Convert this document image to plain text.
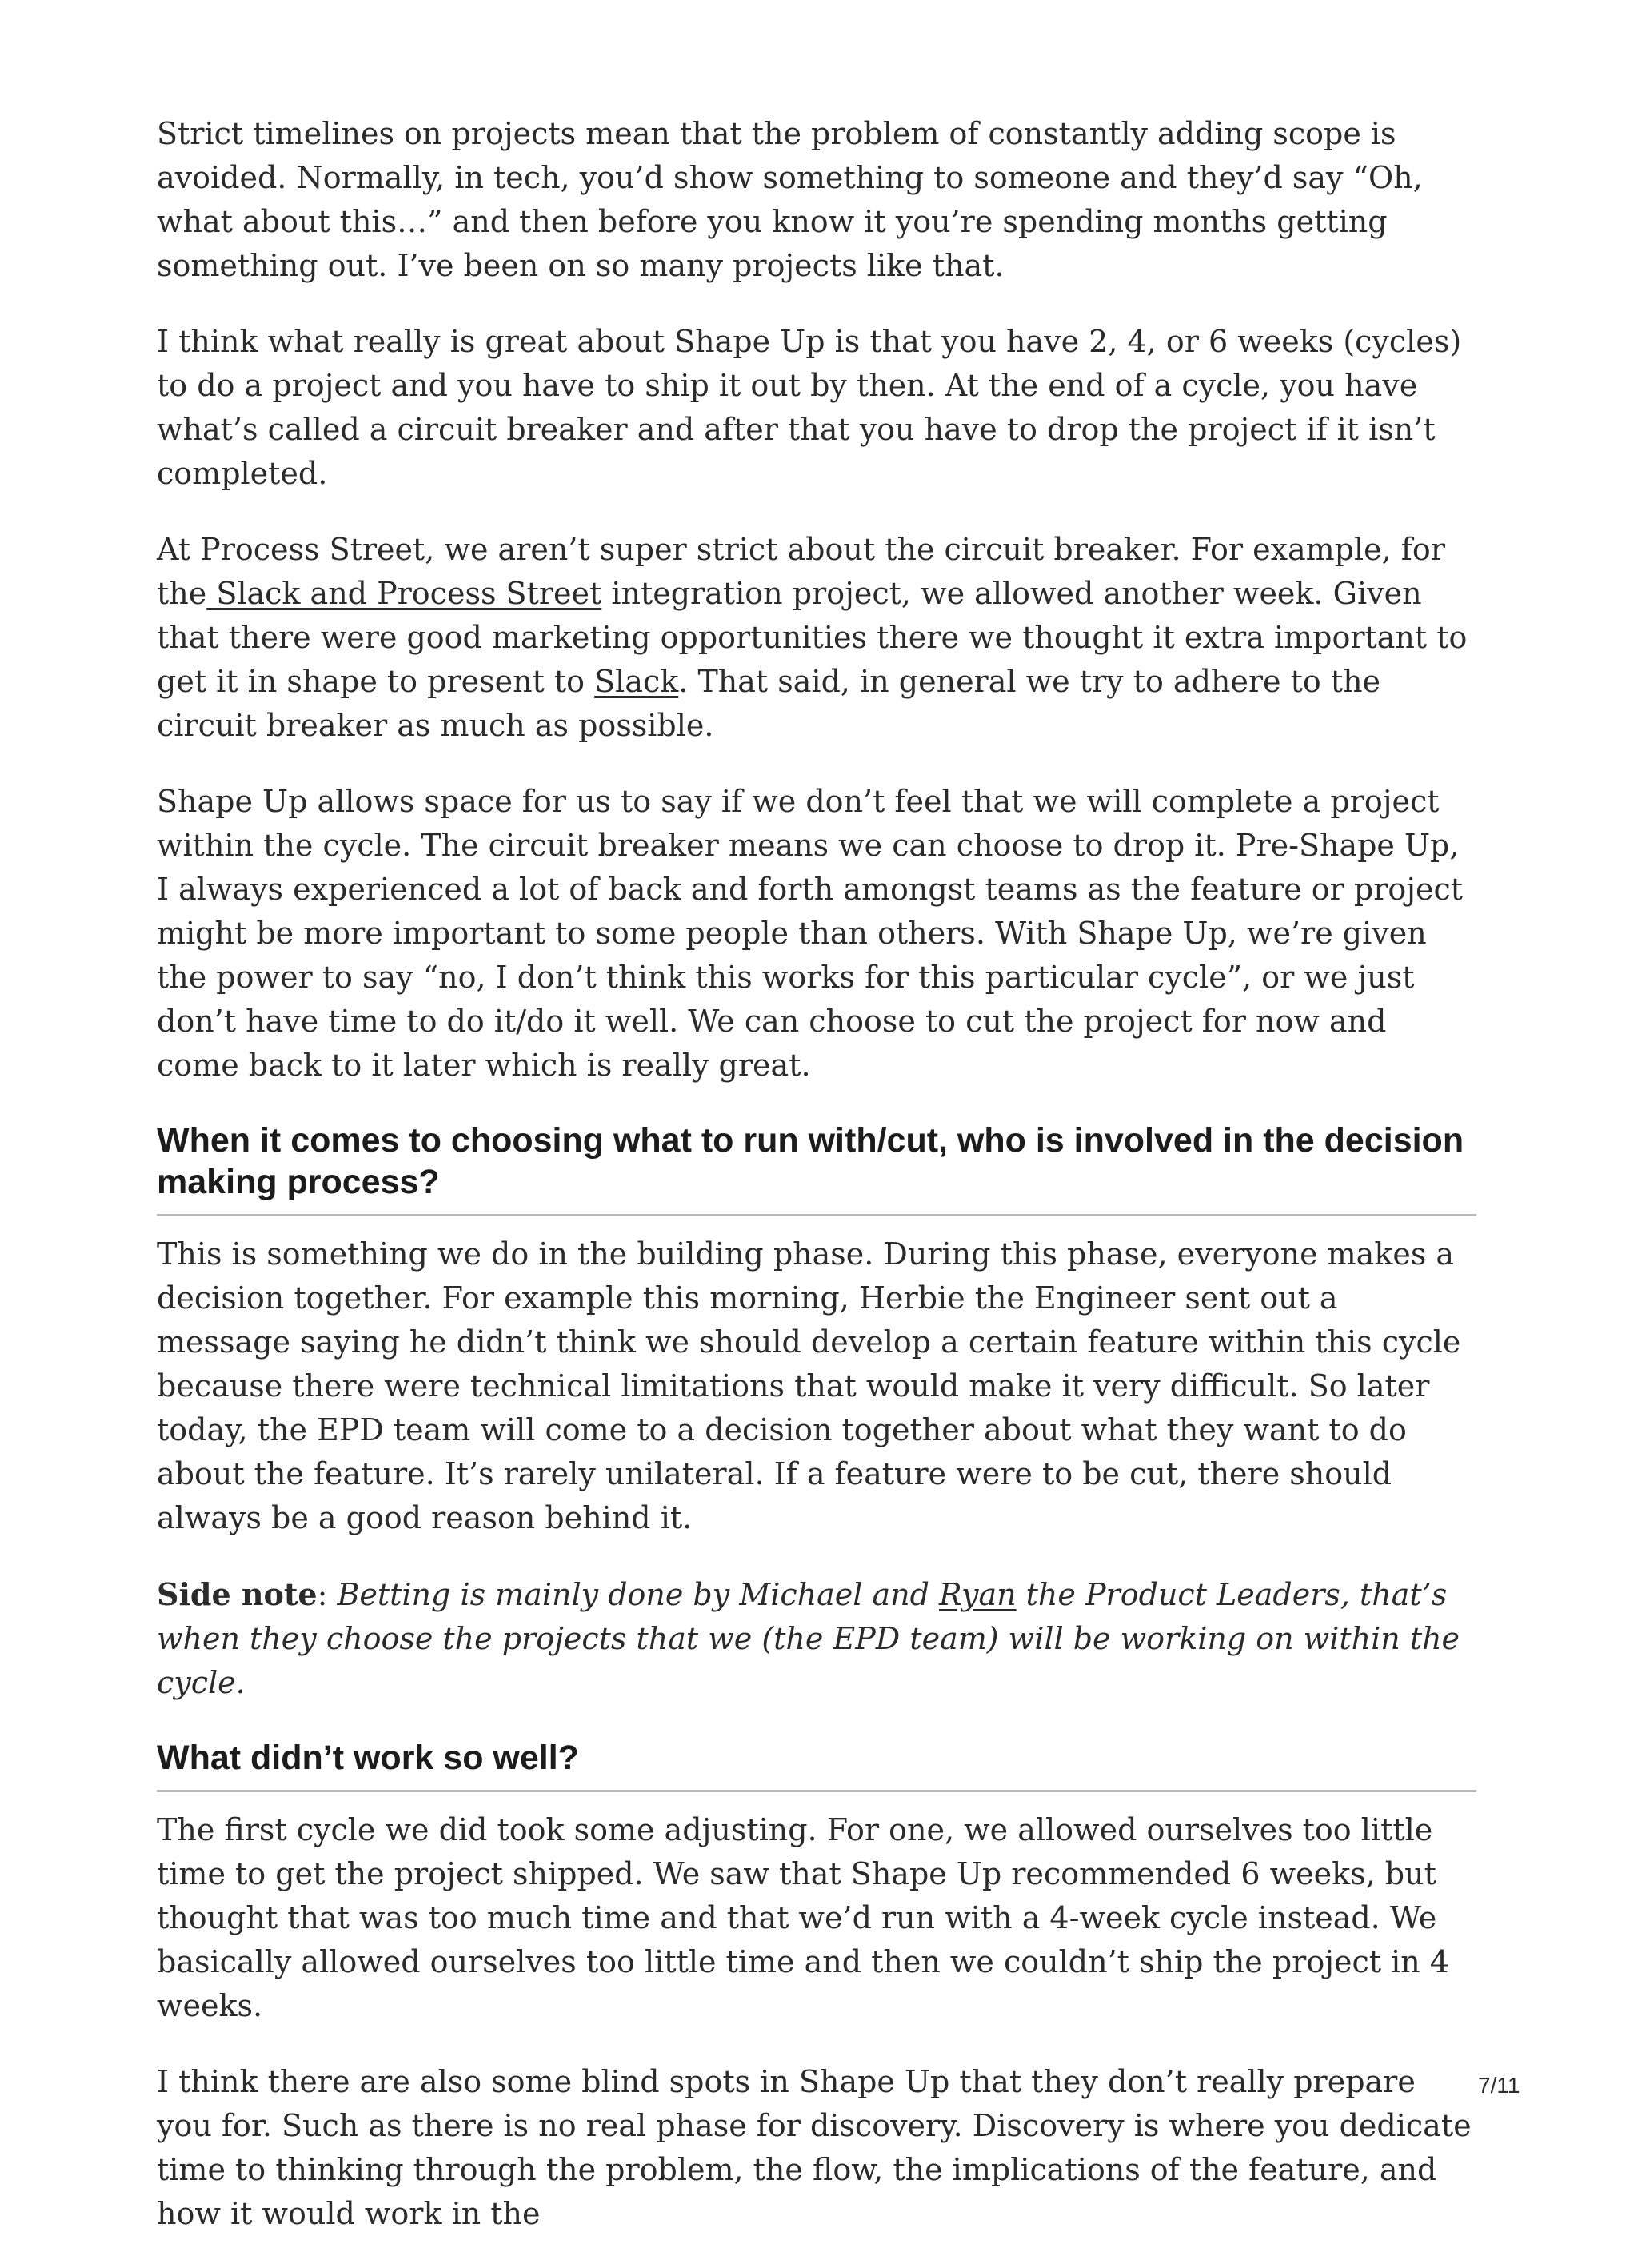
Strict timelines on projects mean that the problem of constantly adding scope is avoided. Normally, in tech, you’d show something to someone and they’d say “Oh, what about this…” and then before you know it you’re spending months getting something out. I’ve been on so many projects like that.

I think what really is great about Shape Up is that you have 2, 4, or 6 weeks (cycles) to do a project and you have to ship it out by then. At the end of a cycle, you have what’s called a circuit breaker and after that you have to drop the project if it isn’t completed.

At Process Street, we aren’t super strict about the circuit breaker. For example, for the Slack and Process Street integration project, we allowed another week. Given that there were good marketing opportunities there we thought it extra important to get it in shape to present to Slack. That said, in general we try to adhere to the circuit breaker as much as possible.

Shape Up allows space for us to say if we don’t feel that we will complete a project within the cycle. The circuit breaker means we can choose to drop it. Pre-Shape Up, I always experienced a lot of back and forth amongst teams as the feature or project might be more important to some people than others. With Shape Up, we’re given the power to say “no, I don’t think this works for this particular cycle”, or we just don’t have time to do it/do it well. We can choose to cut the project for now and come back to it later which is really great.

When it comes to choosing what to run with/cut, who is involved in the decision making process?

This is something we do in the building phase. During this phase, everyone makes a decision together. For example this morning, Herbie the Engineer sent out a message saying he didn’t think we should develop a certain feature within this cycle because there were technical limitations that would make it very difficult. So later today, the EPD team will come to a decision together about what they want to do about the feature. It’s rarely unilateral. If a feature were to be cut, there should always be a good reason behind it.

Side note: Betting is mainly done by Michael and Ryan the Product Leaders, that’s when they choose the projects that we (the EPD team) will be working on within the cycle.

What didn’t work so well?

The first cycle we did took some adjusting. For one, we allowed ourselves too little time to get the project shipped. We saw that Shape Up recommended 6 weeks, but thought that was too much time and that we’d run with a 4-week cycle instead. We basically allowed ourselves too little time and then we couldn’t ship the project in 4 weeks.

I think there are also some blind spots in Shape Up that they don’t really prepare you for. Such as there is no real phase for discovery. Discovery is where you dedicate time to thinking through the problem, the flow, the implications of the feature, and how it would work in the

7/11
